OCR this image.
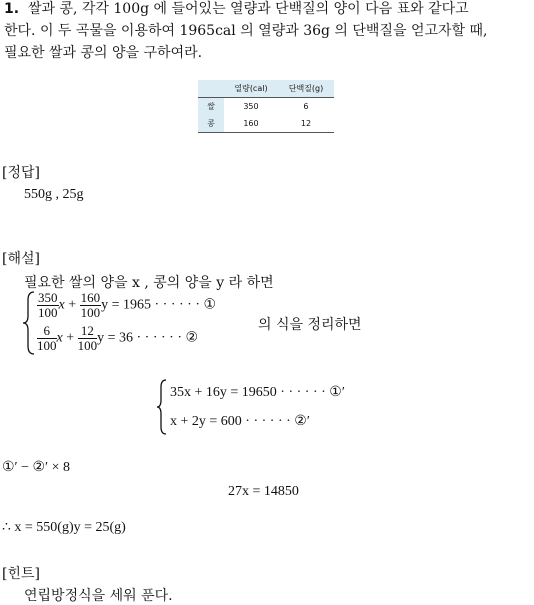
1. 쌀과 콩, 각각 100g 에 들어있는 열량과 단백질의 양이 다음 표와 같다고
한다. 이 두 곡물을 이용하여 1965cal 의 열량과 36g 의 단백질을 얻고자할 때,
필요한 쌀과 콩의 양을 구하여라.
	열량(cal)	단백질(g)
쌀	350	6
콩	160	12
[정답]
550g , 25g
[해설]
필요한 쌀의 양을 x , 콩의 양을 y 라 하면
$\frac{350}{100}$ $x + \frac{160}{100}$ y = 1965 · · · · · · ①
$\frac{6}{100}$ $x + \frac{12}{100}$ y = 36 · · · · · · ②
의 식을 정리하면
35x + 16y = 19650 · · · · · · ①′
x + 2y = 600 · · · · · · ②′
①′ − ②′ × 8
27x = 14850
∴ x = 550(g)y = 25(g)
[힌트]
연립방정식을 세워 푼다.
